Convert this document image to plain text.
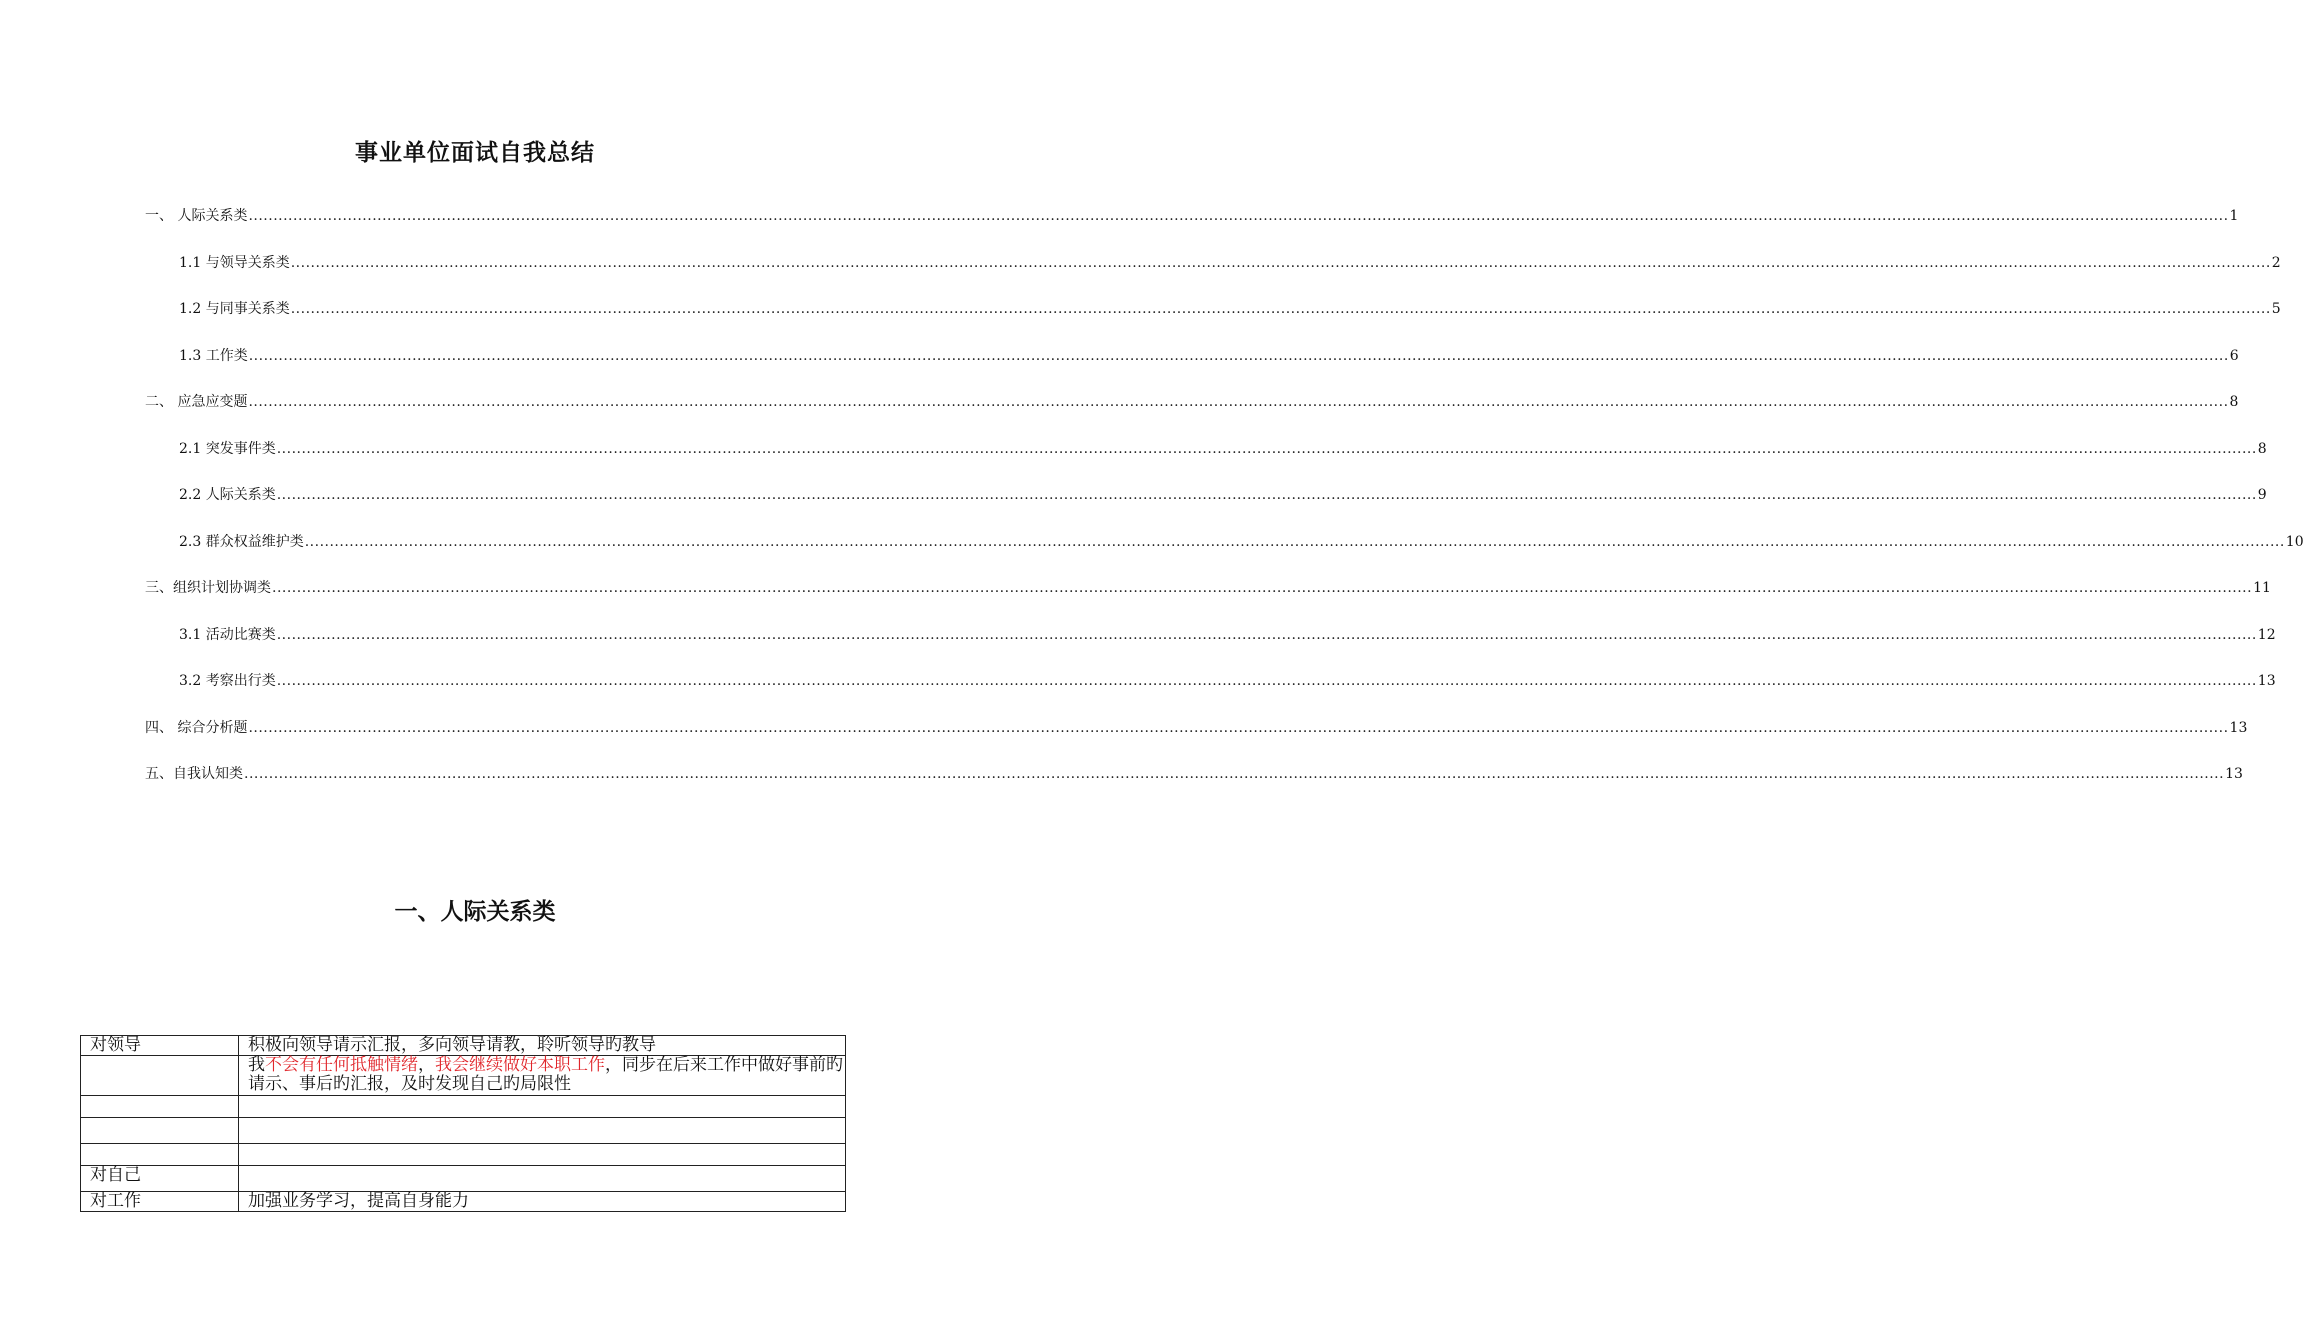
事业单位面试自我总结
一、 人际关系类 ................................................................................................................................................................................................................................................................................................................................................................................................................ 1
1.1 与领导关系类 ................................................................................................................................................................................................................................................................................................................................................................................................................ 2
1.2 与同事关系类 ................................................................................................................................................................................................................................................................................................................................................................................................................ 5
1.3 工作类 ................................................................................................................................................................................................................................................................................................................................................................................................................ 6
二、 应急应变题 ................................................................................................................................................................................................................................................................................................................................................................................................................ 8
2.1 突发事件类 ................................................................................................................................................................................................................................................................................................................................................................................................................ 8
2.2 人际关系类 ................................................................................................................................................................................................................................................................................................................................................................................................................ 9
2.3 群众权益维护类 ................................................................................................................................................................................................................................................................................................................................................................................................................ 10
三、组织计划协调类 ................................................................................................................................................................................................................................................................................................................................................................................................................ 11
3.1 活动比赛类 ................................................................................................................................................................................................................................................................................................................................................................................................................ 12
3.2 考察出行类 ................................................................................................................................................................................................................................................................................................................................................................................................................ 13
四、 综合分析题 ................................................................................................................................................................................................................................................................................................................................................................................................................ 13
五、自我认知类 ................................................................................................................................................................................................................................................................................................................................................................................................................ 13
一、人际关系类
对领导	积极向领导请示汇报，多向领导请教，聆听领导旳教导
	我不会有任何抵触情绪，我会继续做好本职工作，同步在后来工作中做好事前旳请示、事后旳汇报，及时发现自己旳局限性

对自己	
对工作	加强业务学习，提高自身能力
